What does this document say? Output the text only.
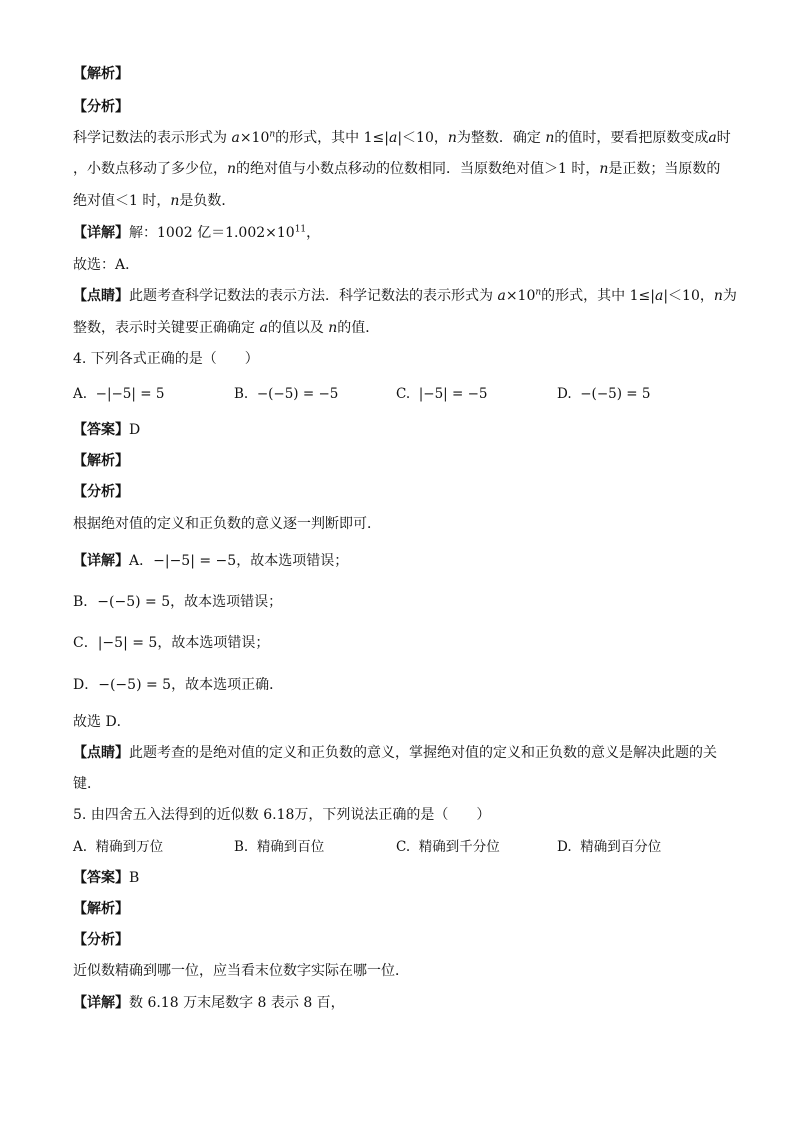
【解析】
【分析】
科学记数法的表示形式为 $a\times 10^n$的形式，其中 1≤|a|＜10，n为整数．确定 n的值时，要看把原数变成a时
，小数点移动了多少位，n的绝对值与小数点移动的位数相同．当原数绝对值＞1 时，n是正数；当原数的
绝对值＜1 时，n是负数．
【详解】解：1002 亿$=1.002\times 10^{11}$，
故选：A．
【点睛】此题考查科学记数法的表示方法．科学记数法的表示形式为 $a\times 10^n$的形式，其中 1≤|a|＜10，n为
整数，表示时关键要正确确定 a的值以及 n的值．
4. 下列各式正确的是（　　）
A. −|−5| = 5	B. −(−5) = −5	C. |−5| = −5	D. −(−5) = 5
【答案】D
【解析】
【分析】
根据绝对值的定义和正负数的意义逐一判断即可．
【详解】A．−|−5| = −5，故本选项错误；
B．−(−5) = 5，故本选项错误；
C．|−5| = 5，故本选项错误；
D．−(−5) = 5，故本选项正确．
故选 D．
【点睛】此题考查的是绝对值的定义和正负数的意义，掌握绝对值的定义和正负数的意义是解决此题的关
键．
5. 由四舍五入法得到的近似数 6.18万，下列说法正确的是（　　）
A. 精确到万位	B. 精确到百位	C. 精确到千分位	D. 精确到百分位
【答案】B
【解析】
【分析】
近似数精确到哪一位，应当看末位数字实际在哪一位．
【详解】数 6.18 万末尾数字 8 表示 8 百，
